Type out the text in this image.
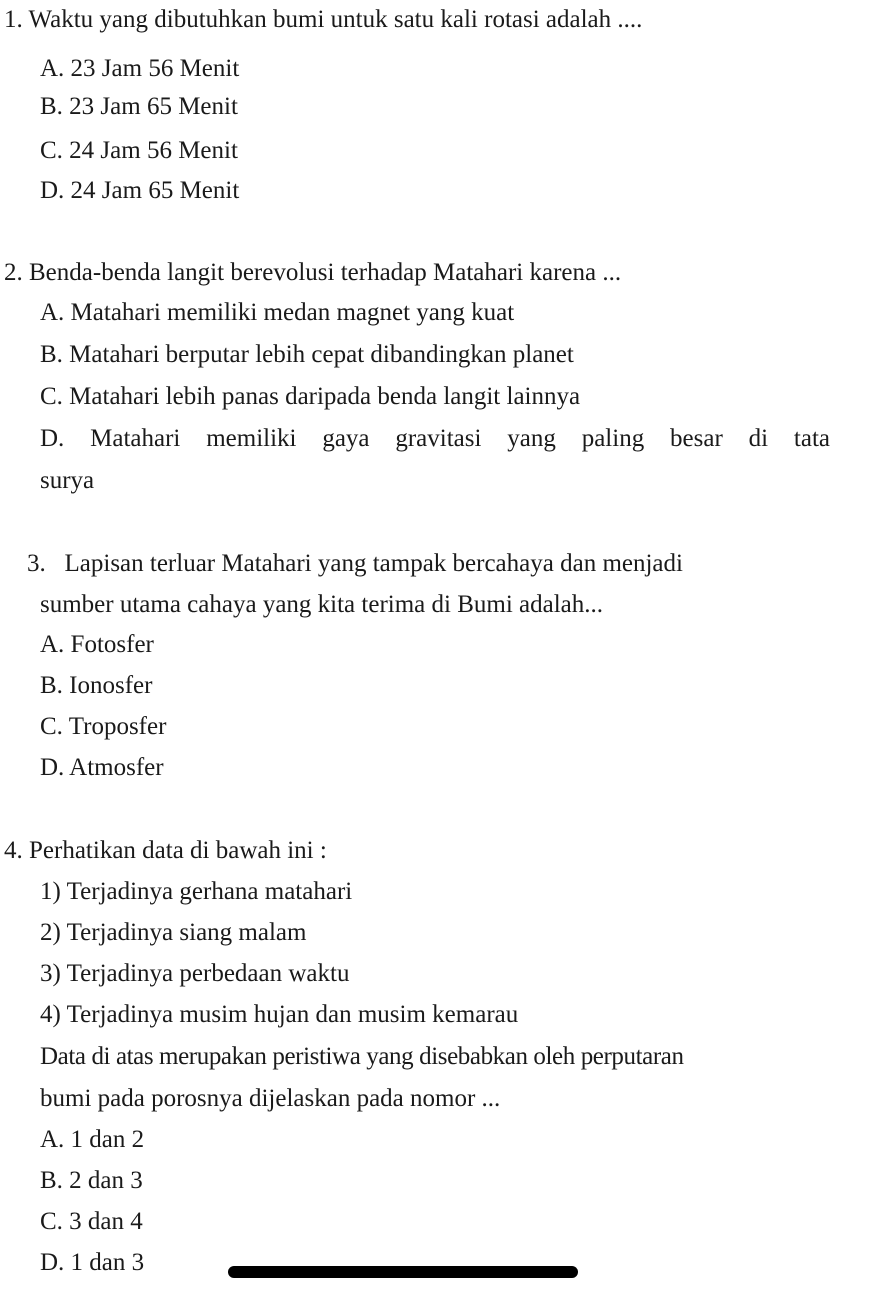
1. Waktu yang dibutuhkan bumi untuk satu kali rotasi adalah ....
A. 23 Jam 56 Menit
B. 23 Jam 65 Menit
C. 24 Jam 56 Menit
D. 24 Jam 65 Menit
2. Benda-benda langit berevolusi terhadap Matahari karena ...
A. Matahari memiliki medan magnet yang kuat
B. Matahari berputar lebih cepat dibandingkan planet
C. Matahari lebih panas daripada benda langit lainnya
D. Matahari memiliki gaya gravitasi yang paling besar di tata
surya
3.   Lapisan terluar Matahari yang tampak bercahaya dan menjadi
sumber utama cahaya yang kita terima di Bumi adalah...
A. Fotosfer
B. Ionosfer
C. Troposfer
D. Atmosfer
4. Perhatikan data di bawah ini :
1) Terjadinya gerhana matahari
2) Terjadinya siang malam
3) Terjadinya perbedaan waktu
4) Terjadinya musim hujan dan musim kemarau
Data di atas merupakan peristiwa yang disebabkan oleh perputaran
bumi pada porosnya dijelaskan pada nomor ...
A. 1 dan 2
B. 2 dan 3
C. 3 dan 4
D. 1 dan 3
